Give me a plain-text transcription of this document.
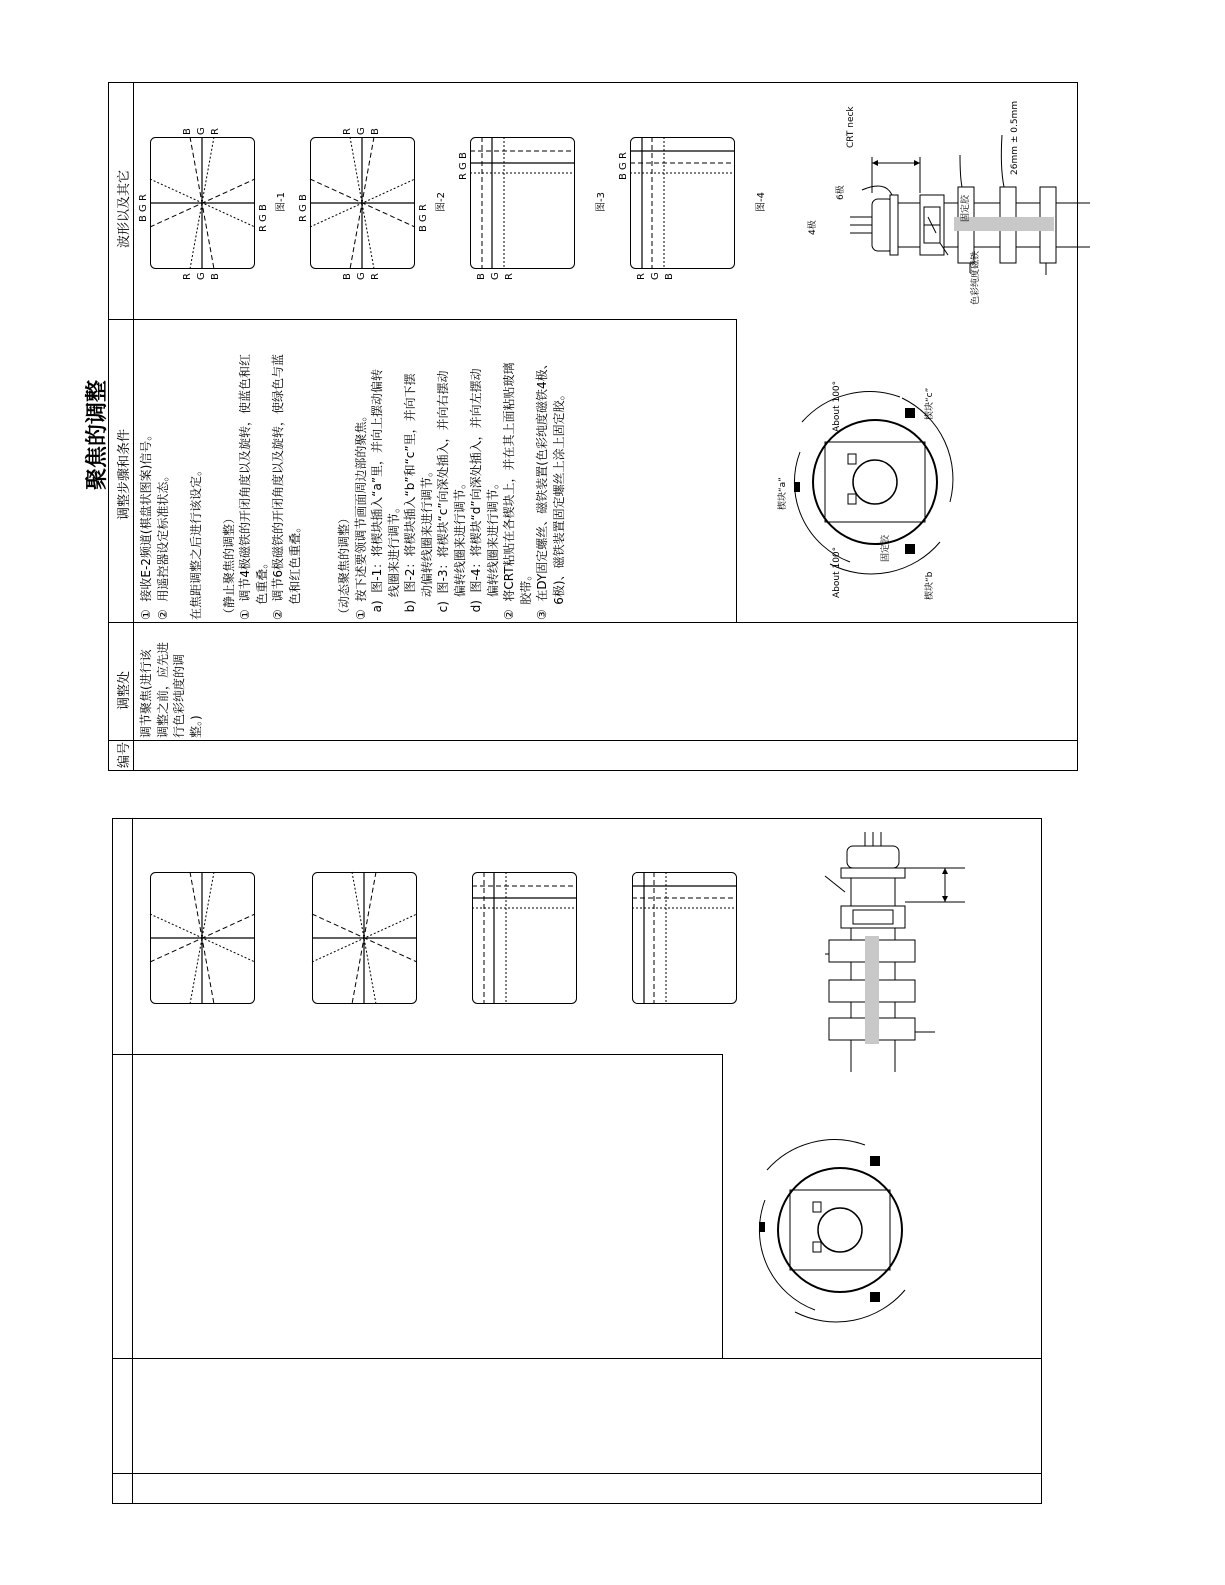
聚焦的调整
编号
调整处
调整步骤和条件
波形以及其它
调节聚焦(进行该
调整之前，应先进
行色彩纯度的调
整。)
①  接收E-2频道(棋盘状图案)信号。
②  用遥控器设定标准状态。

在焦距调整之后进行该设定。

（静止聚焦的调整）
①  调节4极磁铁的开闭角度以及旋转，使蓝色和红
色重叠。
②  调节6极磁铁的开闭角度以及旋转，使绿色与蓝
色和红色重叠。

（动态聚焦的调整）
①  按下述要领调节画面周边部的聚焦。
a)  图-1：将楔块插入“a”里，并向上摆动偏转
线圈来进行调节。
b)  图-2：将楔块插入“b”和“c”里，并向下摆
动偏转线圈来进行调节。
c)  图-3：将楔块“c”向深处插入，并向右摆动
偏转线圈来进行调节。
d)  图-4：将楔块“d”向深处插入，并向左摆动
偏转线圈来进行调节。
②  将CRT粘贴在各楔块上，并在其上面粘贴玻璃
胶带。
③  在DY固定螺丝、磁铁装置(色彩纯度磁铁4极、
6极)、磁铁装置固定螺丝上涂上固定胶。
B G R	R G B
图-1
R G B
B G R
R G B	B G R
图-2
B G R
R G B
R G B
图-3
B G R
B G R
图-4
R G B
CRT neck	26mm ± 0.5mm
6极
4极
固定胶
色彩纯度磁铁
About 100°
About 100°
楔块“a”
楔块“b
楔块“c”
固定胶
